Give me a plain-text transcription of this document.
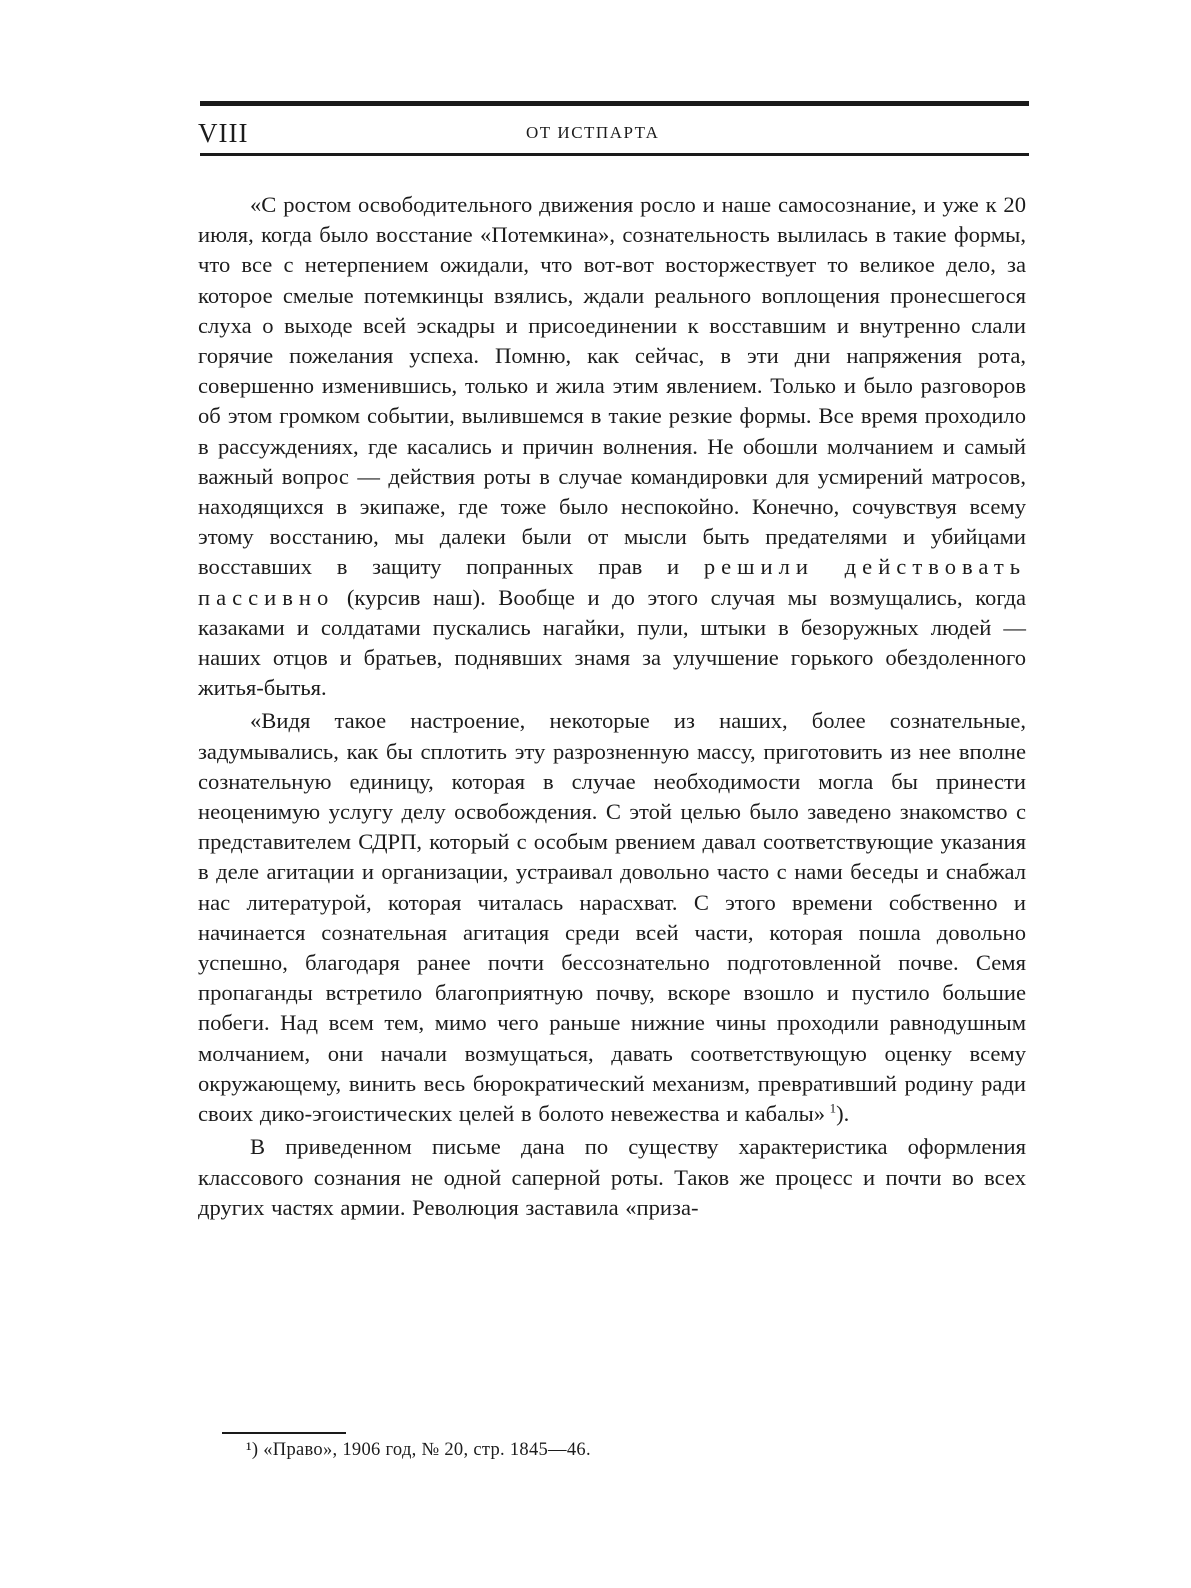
VIII	ОТ ИСТПАРТА

«С ростом освободительного движения росло и наше самосознание, и уже к 20 июля, когда было восстание «Потемкина», сознательность вылилась в такие формы, что все с нетерпением ожидали, что вот-вот восторжествует то великое дело, за которое смелые потемкинцы взялись, ждали реального воплощения пронесшегося слуха о выходе всей эскадры и присоединении к восставшим и внутренно слали горячие пожелания успеха. Помню, как сейчас, в эти дни напряжения рота, совершенно изменившись, только и жила этим явлением. Только и было разговоров об этом громком событии, вылившемся в такие резкие формы. Все время проходило в рассуждениях, где касались и причин волнения. Не обошли молчанием и самый важный вопрос — действия роты в случае командировки для усмирений матросов, находящихся в экипаже, где тоже было неспокойно. Конечно, сочувствуя всему этому восстанию, мы далеки были от мысли быть предателями и убийцами восставших в защиту попранных прав и решили действовать пассивно (курсив наш). Вообще и до этого случая мы возмущались, когда казаками и солдатами пускались нагайки, пули, штыки в безоружных людей — наших отцов и братьев, поднявших знамя за улучшение горького обездоленного житья-бытья.

«Видя такое настроение, некоторые из наших, более сознательные, задумывались, как бы сплотить эту разрозненную массу, приготовить из нее вполне сознательную единицу, которая в случае необходимости могла бы принести неоценимую услугу делу освобождения. С этой целью было заведено знакомство с представителем СДРП, который с особым рвением давал соответствующие указания в деле агитации и организации, устраивал довольно часто с нами беседы и снабжал нас литературой, которая читалась нарасхват. С этого времени собственно и начинается сознательная агитация среди всей части, которая пошла довольно успешно, благодаря ранее почти бессознательно подготовленной почве. Семя пропаганды встретило благоприятную почву, вскоре взошло и пустило большие побеги. Над всем тем, мимо чего раньше нижние чины проходили равнодушным молчанием, они начали возмущаться, давать соответствующую оценку всему окружающему, винить весь бюрократический механизм, превративший родину ради своих дико-эгоистических целей в болото невежества и кабалы»  $^1$).

В приведенном письме дана по существу характеристика оформления классового сознания не одной саперной роты. Таков же процесс и почти во всех других частях армии. Революция заставила «призa-

¹) «Право», 1906 год, № 20, стр. 1845—46.
